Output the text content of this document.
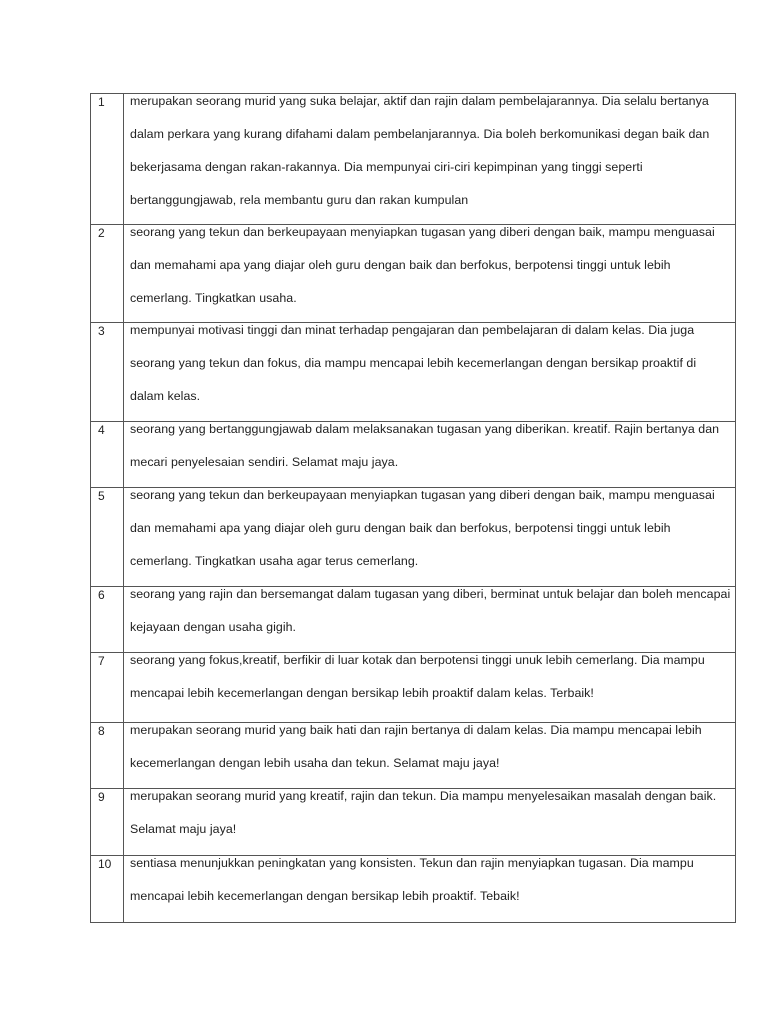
1	merupakan seorang murid yang suka belajar, aktif dan rajin dalam pembelajarannya. Dia selalu bertanya dalam perkara yang kurang difahami dalam pembelanjarannya. Dia boleh berkomunikasi degan baik dan bekerjasama dengan rakan-rakannya. Dia mempunyai ciri-ciri kepimpinan yang tinggi seperti bertanggungjawab, rela membantu guru dan rakan kumpulan

2	seorang yang tekun dan berkeupayaan menyiapkan tugasan yang diberi dengan baik, mampu menguasai dan memahami apa yang diajar oleh guru dengan baik dan berfokus, berpotensi tinggi untuk lebih cemerlang. Tingkatkan usaha.

3	mempunyai motivasi tinggi dan minat terhadap pengajaran dan pembelajaran di dalam kelas. Dia juga seorang yang tekun dan fokus, dia mampu mencapai lebih kecemerlangan dengan bersikap proaktif di dalam kelas.

4	seorang yang bertanggungjawab dalam melaksanakan tugasan yang diberikan. kreatif. Rajin bertanya dan mecari penyelesaian sendiri. Selamat maju jaya.

5	seorang yang tekun dan berkeupayaan menyiapkan tugasan yang diberi dengan baik, mampu menguasai dan memahami apa yang diajar oleh guru dengan baik dan berfokus, berpotensi tinggi untuk lebih cemerlang. Tingkatkan usaha agar terus cemerlang.

6	seorang yang rajin dan bersemangat dalam tugasan yang diberi, berminat untuk belajar dan boleh mencapai kejayaan dengan usaha gigih.

7	seorang yang fokus,kreatif, berfikir di luar kotak dan berpotensi tinggi unuk lebih cemerlang. Dia mampu mencapai lebih kecemerlangan dengan bersikap lebih proaktif dalam kelas. Terbaik!

8	merupakan seorang murid yang baik hati dan rajin bertanya di dalam kelas. Dia mampu mencapai lebih kecemerlangan dengan lebih usaha dan tekun. Selamat maju jaya!

9	merupakan seorang murid yang kreatif, rajin dan tekun. Dia mampu menyelesaikan masalah dengan baik. Selamat maju jaya!

10	sentiasa menunjukkan peningkatan yang konsisten. Tekun dan rajin menyiapkan tugasan. Dia mampu mencapai lebih kecemerlangan dengan bersikap lebih proaktif. Tebaik!
